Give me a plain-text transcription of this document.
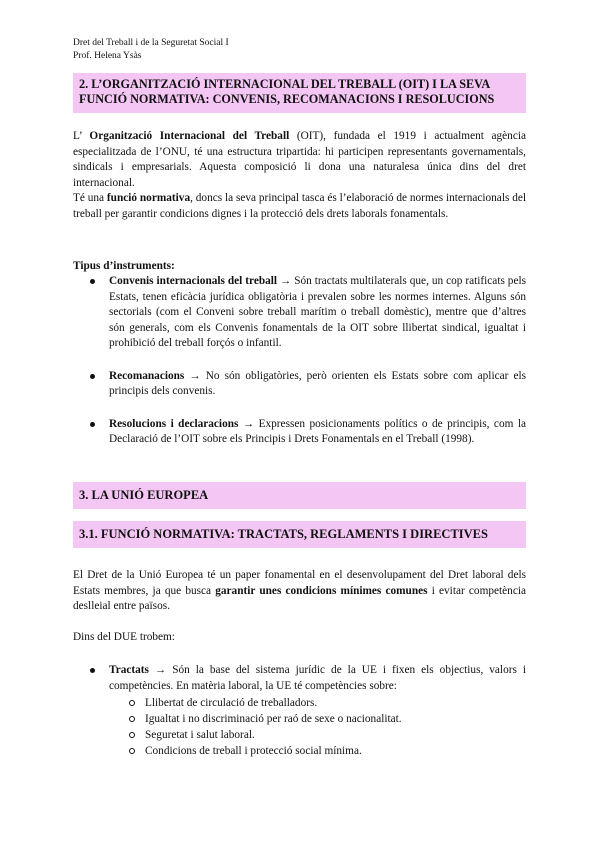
Dret del Treball i de la Seguretat Social I
Prof. Helena Ysàs
2. L’ORGANITZACIÓ INTERNACIONAL DEL TREBALL (OIT) I LA SEVA
FUNCIÓ NORMATIVA: CONVENIS, RECOMANACIONS I RESOLUCIONS

L’ Organització Internacional del Treball (OIT), fundada el 1919 i actualment agència especialitzada de l’ONU, té una estructura tripartida: hi participen representants governamentals, sindicals i empresarials. Aquesta composició li dona una naturalesa única dins del dret internacional.
Té una funció normativa, doncs la seva principal tasca és l’elaboració de normes internacionals del treball per garantir condicions dignes i la protecció dels drets laborals fonamentals.

Tipus d’instruments:

Convenis internacionals del treball → Són tractats multilaterals que, un cop ratificats pels Estats, tenen eficàcia jurídica obligatòria i prevalen sobre les normes internes. Alguns són sectorials (com el Conveni sobre treball marítim o treball domèstic), mentre que d’altres són generals, com els Convenis fonamentals de la OIT sobre llibertat sindical, igualtat i prohibició del treball forçós o infantil.
Recomanacions → No són obligatòries, però orienten els Estats sobre com aplicar els principis dels convenis.
Resolucions i declaracions → Expressen posicionaments polítics o de principis, com la Declaració de l’OIT sobre els Principis i Drets Fonamentals en el Treball (1998).
3. LA UNIÓ EUROPEA
3.1. FUNCIÓ NORMATIVA: TRACTATS, REGLAMENTS I DIRECTIVES

El Dret de la Unió Europea té un paper fonamental en el desenvolupament del Dret laboral dels Estats membres, ja que busca garantir unes condicions mínimes comunes i evitar competència deslleial entre països.

Dins del DUE trobem:

Tractats → Són la base del sistema jurídic de la UE i fixen els objectius, valors i competències. En matèria laboral, la UE té competències sobre:
Llibertat de circulació de treballadors.
Igualtat i no discriminació per raó de sexe o nacionalitat.
Seguretat i salut laboral.
Condicions de treball i protecció social mínima.
